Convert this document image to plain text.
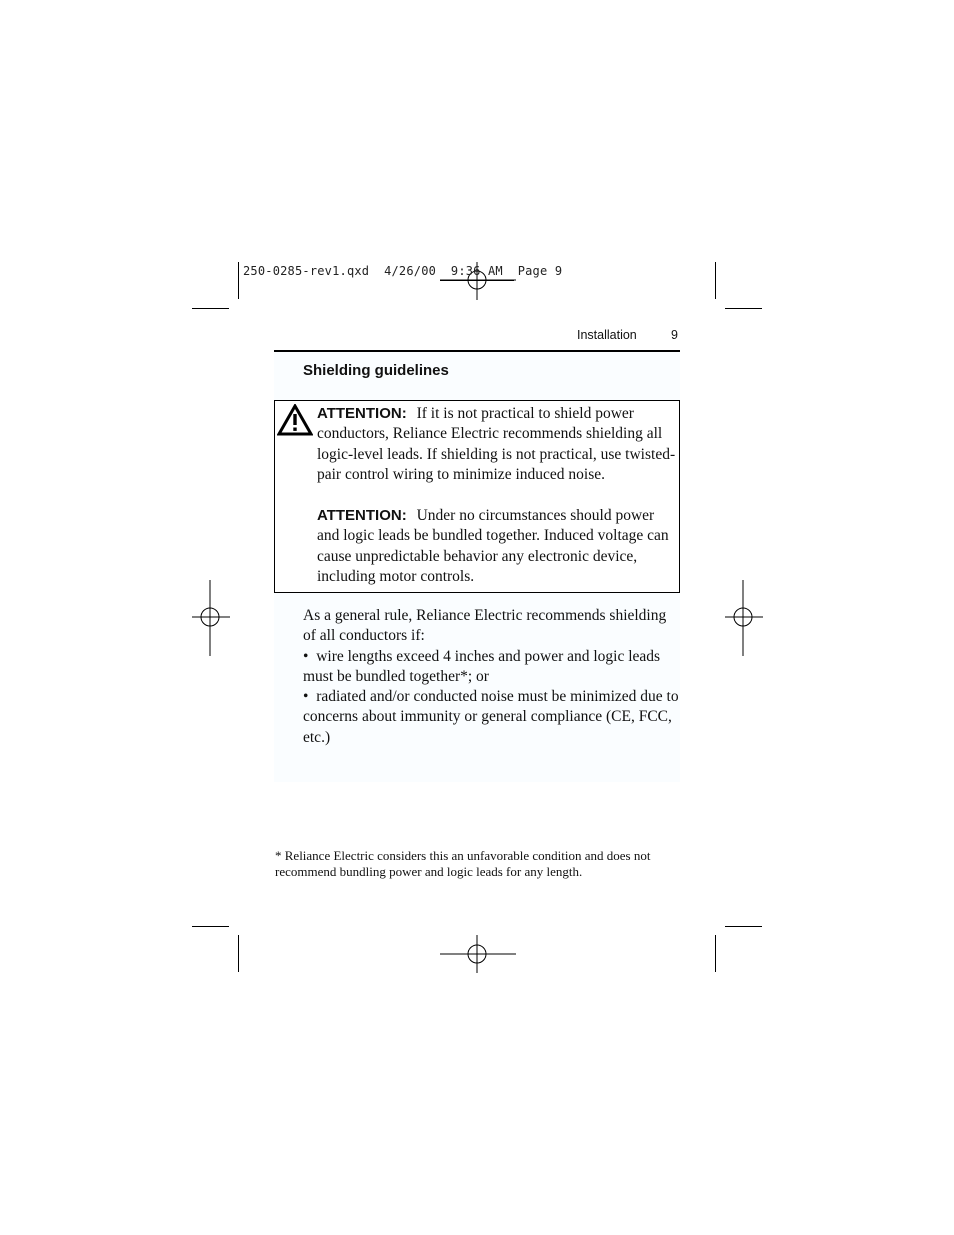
250-0285-rev1.qxd  4/26/00  9:36 AM  Page 9
Installation	9
Shielding guidelines
ATTENTION: If it is not practical to shield power conductors, Reliance Electric recommends shielding all logic-level leads. If shielding is not practical, use twisted-pair control wiring to minimize induced noise.
ATTENTION: Under no circumstances should power and logic leads be bundled together. Induced voltage can cause unpredictable behavior any electronic device, including motor controls.
As a general rule, Reliance Electric recommends shielding of all conductors if:
•  wire lengths exceed 4 inches and power and logic leads must be bundled together*; or
•  radiated and/or conducted noise must be minimized due to concerns about immunity or general compliance (CE, FCC, etc.)
* Reliance Electric considers this an unfavorable condition and does not recommend bundling power and logic leads for any length.
